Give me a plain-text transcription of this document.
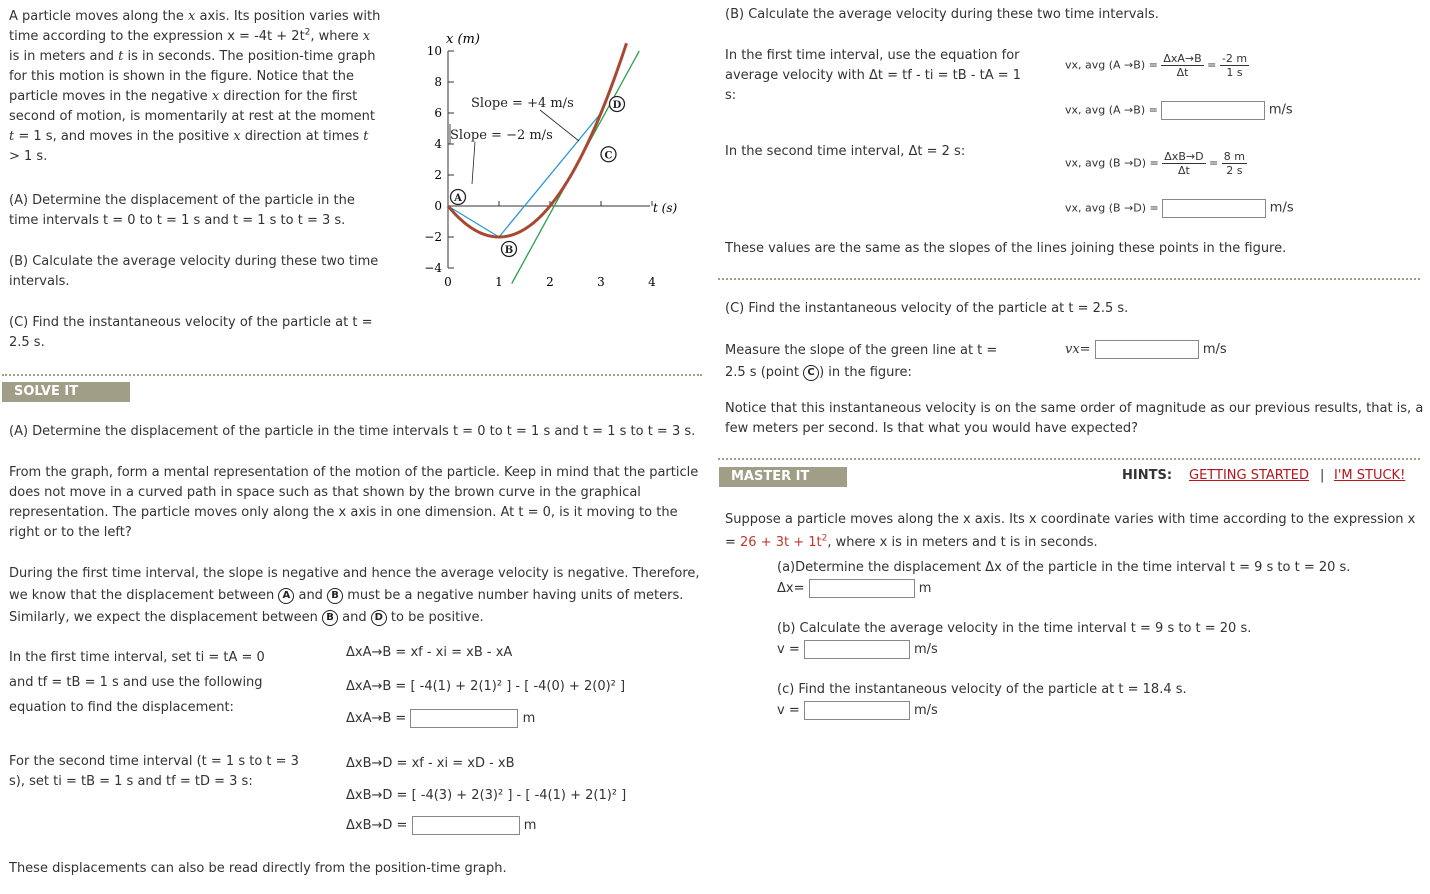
A particle moves along the x axis. Its position varies with time according to the expression $x = -4t + 2t^2$, where x is in meters and t is in seconds. The position-time graph for this motion is shown in the figure. Notice that the particle moves in the negative x direction for the first second of motion, is momentarily at rest at the moment t = 1 s, and moves in the positive x direction at times t > 1 s.
(A) Determine the displacement of the particle in the time intervals t = 0 to t = 1 s and t = 1 s to t = 3 s.
(B) Calculate the average velocity during these two time intervals.
(C) Find the instantaneous velocity of the particle at t = 2.5 s.
x (m)
t (s)
10
8
6
4
2
0
−2
−4
0	1	2	3	4
Slope = +4 m/s
Slope = −2 m/s
A
B
C
D
SOLVE IT
(A) Determine the displacement of the particle in the time intervals t = 0 to t = 1 s and t = 1 s to t = 3 s.
From the graph, form a mental representation of the motion of the particle. Keep in mind that the particle does not move in a curved path in space such as that shown by the brown curve in the graphical representation. The particle moves only along the x axis in one dimension. At t = 0, is it moving to the right or to the left?
During the first time interval, the slope is negative and hence the average velocity is negative. Therefore, we know that the displacement between A and B must be a negative number having units of meters.
Similarly, we expect the displacement between B and D to be positive.
In the first time interval, set ti = tA = 0 and tf = tB = 1 s and use the following equation to find the displacement:
ΔxA→B = xf - xi = xB - xA
ΔxA→B = [ -4(1) + 2(1)² ] - [ -4(0) + 2(0)² ]
ΔxA→B =	m
For the second time interval (t = 1 s to t = 3 s), set ti = tB = 1 s and tf = tD = 3 s:
ΔxB→D = xf - xi = xD - xB
ΔxB→D = [ -4(3) + 2(3)² ] - [ -4(1) + 2(1)² ]
ΔxB→D =	m
These displacements can also be read directly from the position-time graph.
(B) Calculate the average velocity during these two time intervals.
In the first time interval, use the equation for average velocity with Δt = tf - ti = tB - tA = 1 s:
vx, avg $(A \to B) = \frac{\text{ΔxA→B}}{\Delta t} = \frac{-2 m}{1 s}$
vx, avg (A →B) =	m/s
In the second time interval, Δt = 2 s:
vx, avg $(B \to D) = \frac{\text{ΔxB→D}}{\Delta t} = \frac{8 m}{2 s}$
vx, avg (B →D) =	m/s
These values are the same as the slopes of the lines joining these points in the figure.
(C) Find the instantaneous velocity of the particle at t = 2.5 s.
Measure the slope of the green line at t = 2.5 s (point C ) in the figure:
vx=	m/s
Notice that this instantaneous velocity is on the same order of magnitude as our previous results, that is, a few meters per second. Is that what you would have expected?
MASTER IT	HINTS: GETTING STARTED | I'M STUCK!
Suppose a particle moves along the x axis. Its x coordinate varies with time according to the expression $x = 26 + 3t + 1t^2$, where x is in meters and t is in seconds.
(a)Determine the displacement Δx of the particle in the time interval t = 9 s to t = 20 s.
Δx=	m
(b) Calculate the average velocity in the time interval t = 9 s to t = 20 s.
v =	m/s
(c) Find the instantaneous velocity of the particle at t = 18.4 s.
v =	m/s
